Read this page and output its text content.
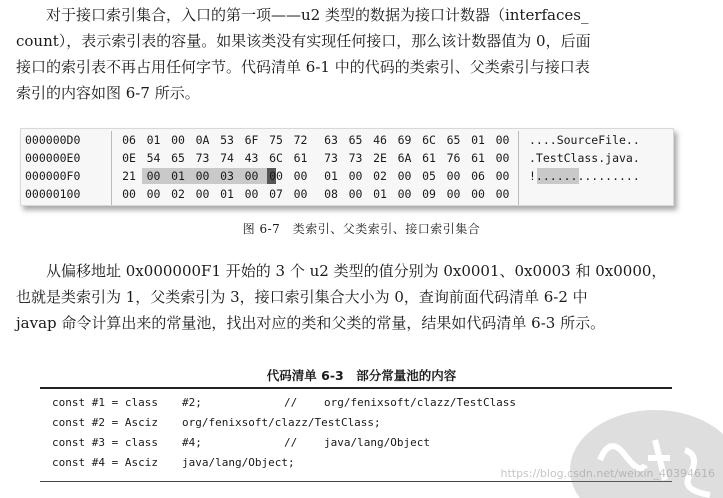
对于接口索引集合，入口的第一项——u2 类型的数据为接口计数器（interfaces_
count），表示索引表的容量。如果该类没有实现任何接口，那么该计数器值为 0，后面
接口的索引表不再占用任何字节。代码清单 6-1 中的代码的类索引、父类索引与接口表
索引的内容如图 6-7 所示。
000000D0	06 01 00 0A 53 6F 75 72 63 65 46 69 6C 65 01 00 ....SourceFile..
000000E0	0E 54 65 73 74 43 6C 61 73 73 2E 6A 61 76 61 00 .TestClass.java.
000000F0	21 00 01 00 03 00 00 00 01 00 02 00 05 00 06 00 !...............
00000100	00 00 02 00 01 00 07 00 08 00 01 00 09 00 00 00
图 6-7　类索引、父类索引、接口索引集合
从偏移地址 0x000000F1 开始的 3 个 u2 类型的值分别为 0x0001、0x0003 和 0x0000，
也就是类索引为 1，父类索引为 3，接口索引集合大小为 0，查询前面代码清单 6-2 中
javap 命令计算出来的常量池，找出对应的类和父类的常量，结果如代码清单 6-3 所示。
代码清单 6-3　部分常量池的内容
const #1 = class #2;	// org/fenixsoft/clazz/TestClass
const #2 = Asciz org/fenixsoft/clazz/TestClass;
const #3 = class #4;	// java/lang/Object
const #4 = Asciz java/lang/Object;
https://blog.csdn.net/weixin_40394616
